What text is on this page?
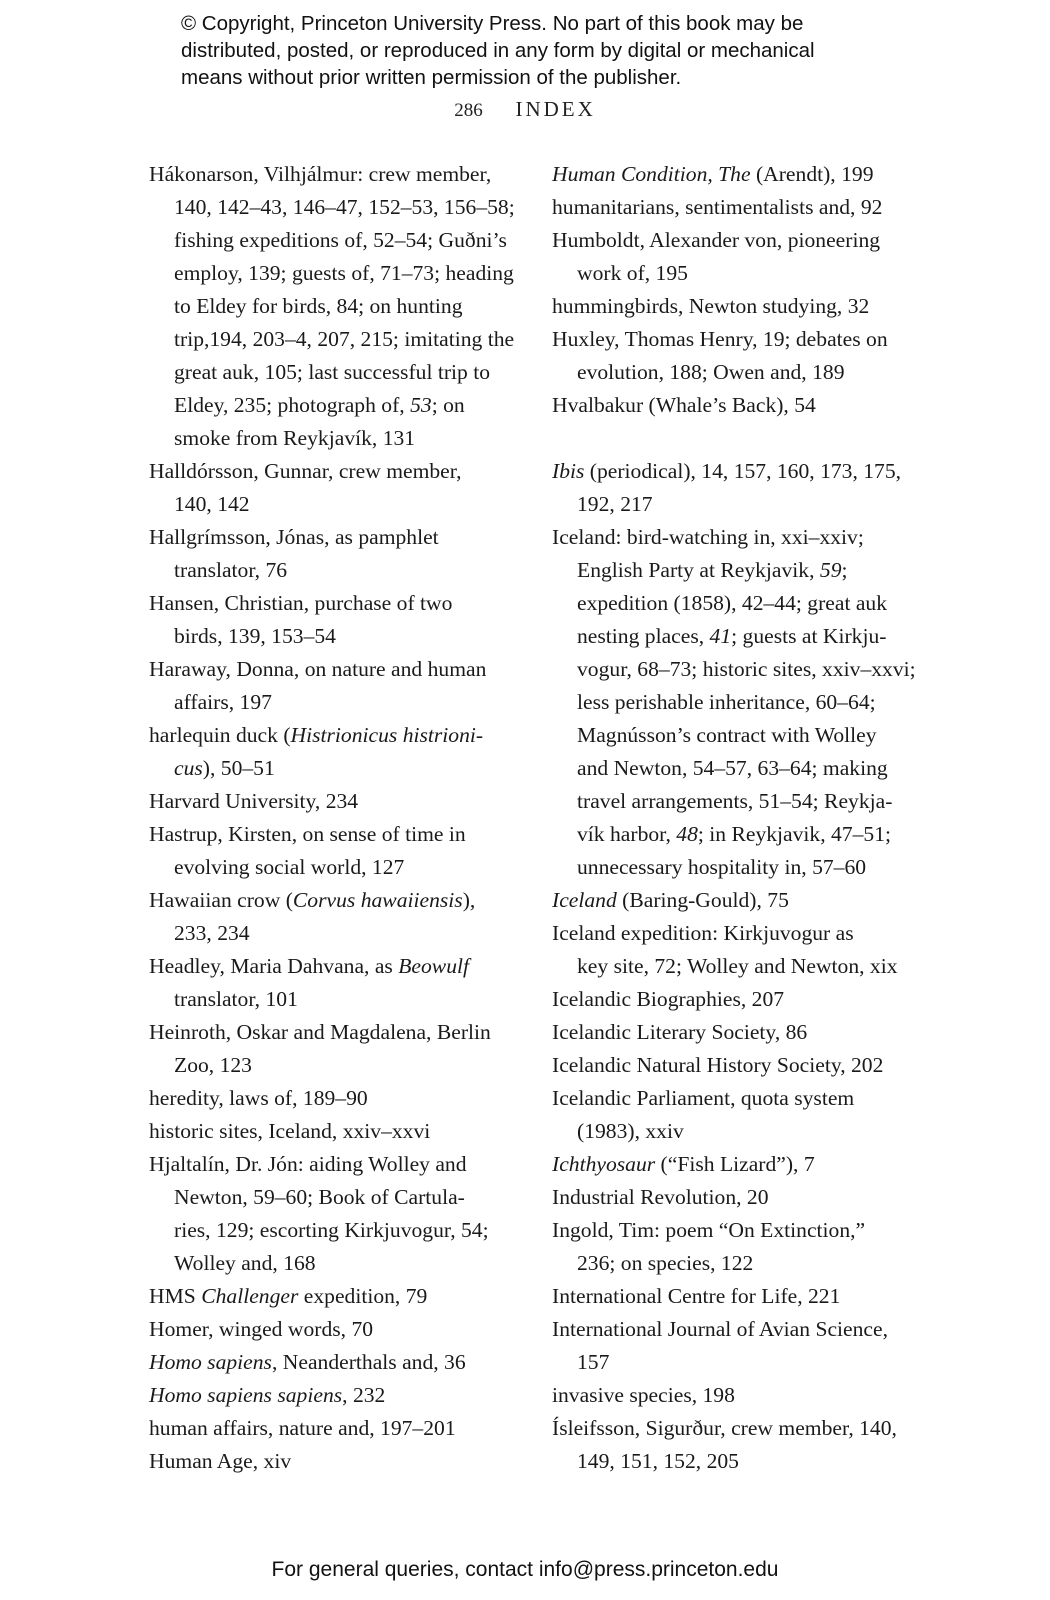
© Copyright, Princeton University Press. No part of this book may be
distributed, posted, or reproduced in any form by digital or mechanical
means without prior written permission of the publisher.
286 INDEX
Hákonarson, Vilhjálmur: crew member,
140, 142–43, 146–47, 152–53, 156–58;
fishing expeditions of, 52–54; Guðni’s
employ, 139; guests of, 71–73; heading
to Eldey for birds, 84; on hunting
trip,194, 203–4, 207, 215; imitating the
great auk, 105; last successful trip to
Eldey, 235; photograph of, 53; on
smoke from Reykjavík, 131
Halldórsson, Gunnar, crew member,
140, 142
Hallgrímsson, Jónas, as pamphlet
translator, 76
Hansen, Christian, purchase of two
birds, 139, 153–54
Haraway, Donna, on nature and human
affairs, 197
harlequin duck (Histrionicus histrioni-
cus), 50–51
Harvard University, 234
Hastrup, Kirsten, on sense of time in
evolving social world, 127
Hawaiian crow (Corvus hawaiiensis),
233, 234
Headley, Maria Dahvana, as Beowulf
translator, 101
Heinroth, Oskar and Magdalena, Berlin
Zoo, 123
heredity, laws of, 189–90
historic sites, Iceland, xxiv–xxvi
Hjaltalín, Dr. Jón: aiding Wolley and
Newton, 59–60; Book of Cartula-
ries, 129; escorting Kirkjuvogur, 54;
Wolley and, 168
HMS Challenger expedition, 79
Homer, winged words, 70
Homo sapiens, Neanderthals and, 36
Homo sapiens sapiens, 232
human affairs, nature and, 197–201
Human Age, xiv
Human Condition, The (Arendt), 199
humanitarians, sentimentalists and, 92
Humboldt, Alexander von, pioneering
work of, 195
hummingbirds, Newton studying, 32
Huxley, Thomas Henry, 19; debates on
evolution, 188; Owen and, 189
Hvalbakur (Whale’s Back), 54
Ibis (periodical), 14, 157, 160, 173, 175,
192, 217
Iceland: bird-watching in, xxi–xxiv;
English Party at Reykjavik, 59;
expedition (1858), 42–44; great auk
nesting places, 41; guests at Kirkju-
vogur, 68–73; historic sites, xxiv–xxvi;
less perishable inheritance, 60–64;
Magnússon’s contract with Wolley
and Newton, 54–57, 63–64; making
travel arrangements, 51–54; Reykja-
vík harbor, 48; in Reykjavik, 47–51;
unnecessary hospitality in, 57–60
Iceland (Baring-Gould), 75
Iceland expedition: Kirkjuvogur as
key site, 72; Wolley and Newton, xix
Icelandic Biographies, 207
Icelandic Literary Society, 86
Icelandic Natural History Society, 202
Icelandic Parliament, quota system
(1983), xxiv
Ichthyosaur (“Fish Lizard”), 7
Industrial Revolution, 20
Ingold, Tim: poem “On Extinction,”
236; on species, 122
International Centre for Life, 221
International Journal of Avian Science,
157
invasive species, 198
Ísleifsson, Sigurður, crew member, 140,
149, 151, 152, 205
For general queries, contact info@press.princeton.edu
